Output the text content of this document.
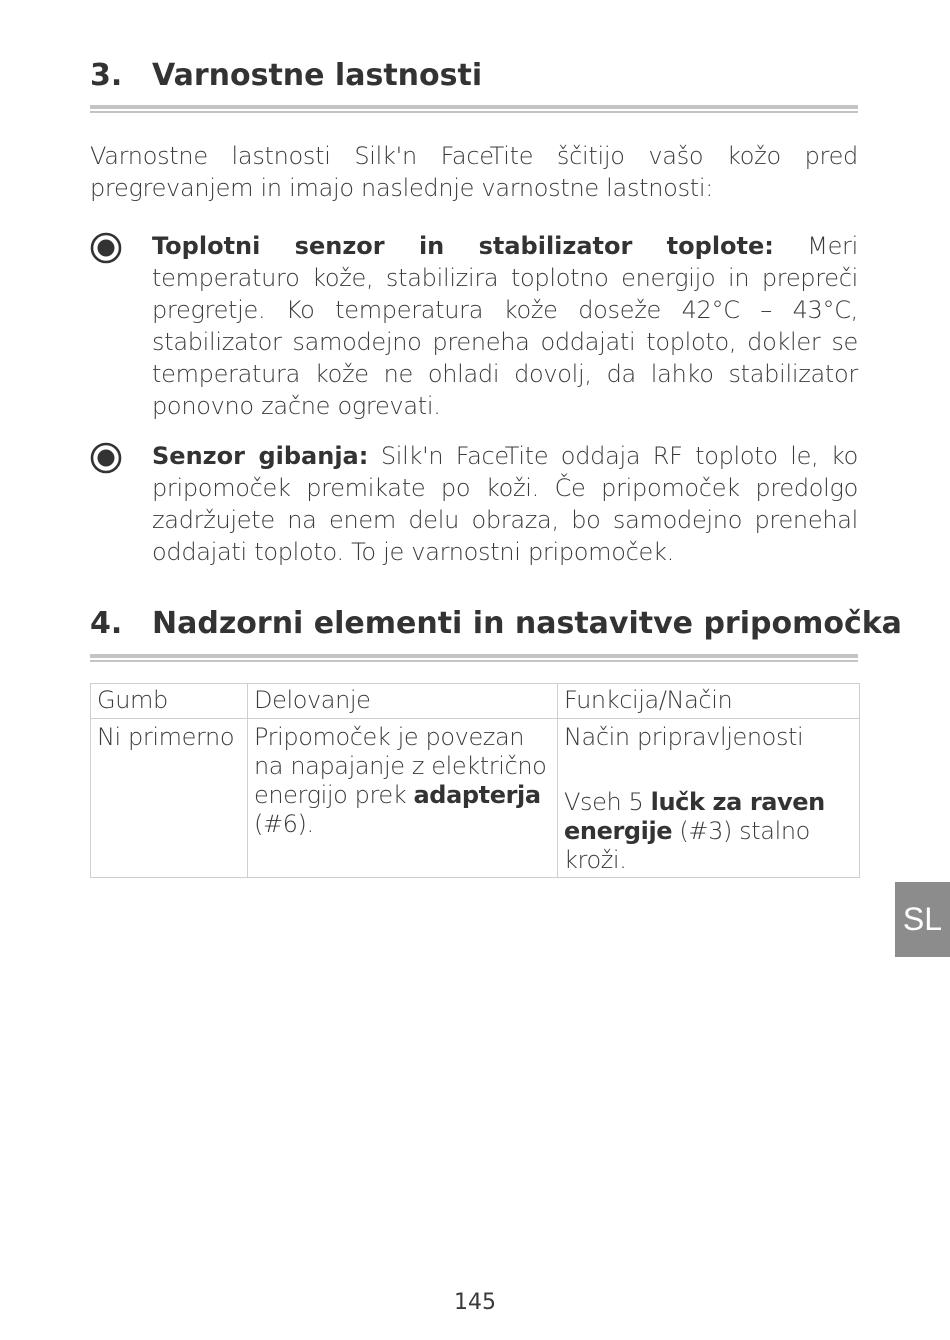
3. Varnostne lastnosti

Varnostne lastnosti Silk'n FaceTite ščitijo vašo kožo pred pregrevanjem in imajo naslednje varnostne lastnosti:

Toplotni senzor in stabilizator toplote: Meri temperaturo kože, stabilizira toplotno energijo in prepreči pregretje. Ko temperatura kože doseže 42°C – 43°C, stabilizator samodejno preneha oddajati toploto, dokler se temperatura kože ne ohladi dovolj, da lahko stabilizator ponovno začne ogrevati.

Senzor gibanja: Silk'n FaceTite oddaja RF toploto le, ko pripomoček premikate po koži. Če pripomoček predolgo zadržujete na enem delu obraza, bo samodejno prenehal oddajati toploto. To je varnostni pripomoček.

4. Nadzorni elementi in nastavitve pripomočka
Gumb	Delovanje	Funkcija/Način
Ni primerno	Pripomoček je povezan na napajanje z električno energijo prek adapterja (#6).	Način pripravljenosti
Vseh 5 lučk za raven energije (#3) stalno kroži.
SL
145
